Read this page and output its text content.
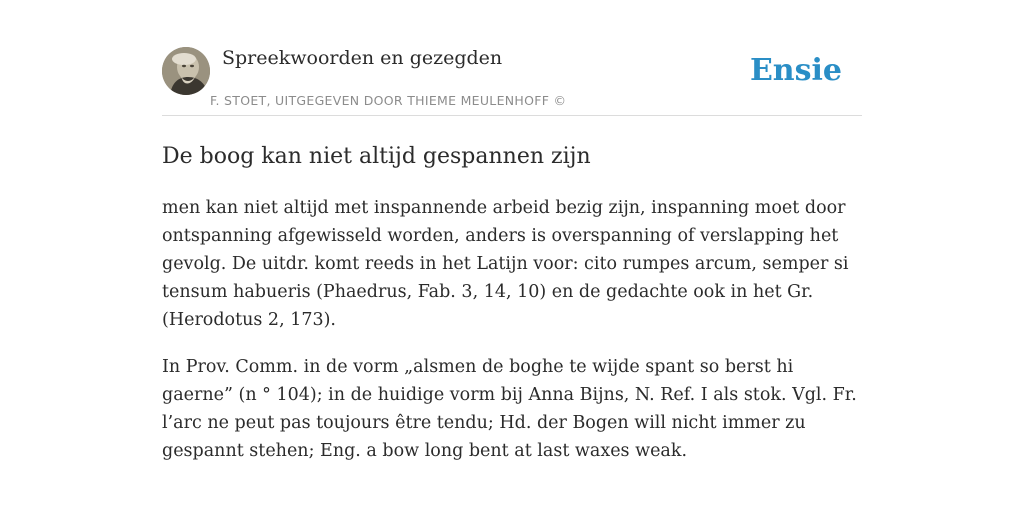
Spreekwoorden en gezegden
F. STOET, UITGEGEVEN DOOR THIEME MEULENHOFF ©
Ensie
De boog kan niet altijd gespannen zijn

men kan niet altijd met inspannende arbeid bezig zijn, inspanning moet door ontspanning afgewisseld worden, anders is overspanning of verslapping het gevolg. De uitdr. komt reeds in het Latijn voor: cito rumpes arcum, semper si tensum habueris (Phaedrus, Fab. 3, 14, 10) en de gedachte ook in het Gr. (Herodotus 2, 173).

In Prov. Comm. in de vorm „alsmen de boghe te wijde spant so berst hi gaerne” (n ° 104); in de huidige vorm bij Anna Bijns, N. Ref. I als stok. Vgl. Fr. l’arc ne peut pas toujours être tendu; Hd. der Bogen will nicht immer zu gespannt stehen; Eng. a bow long bent at last waxes weak.
